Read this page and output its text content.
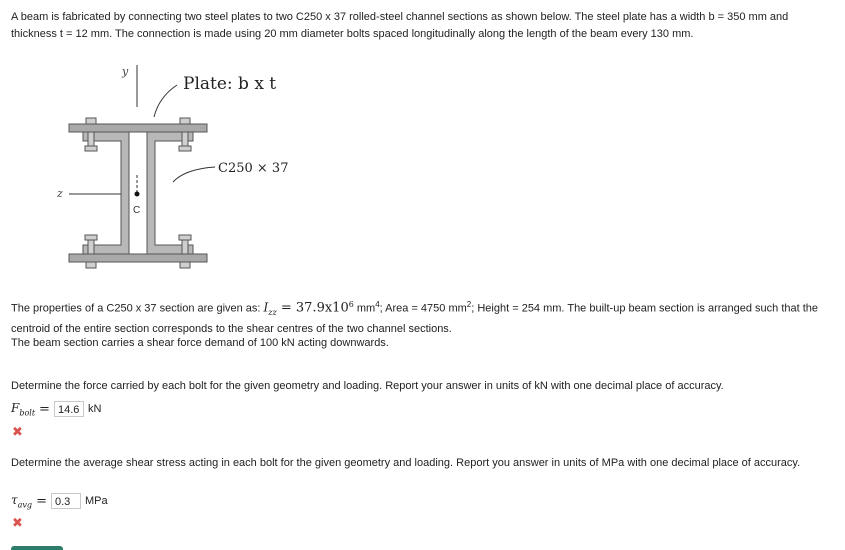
A beam is fabricated by connecting two steel plates to two C250 x 37 rolled-steel channel sections as shown below. The steel plate has a width b = 350 mm and thickness t = 12 mm. The connection is made using 20 mm diameter bolts spaced longitudinally along the length of the beam every 130 mm.
y
z
C
Plate: b x t
C250 × 37
The properties of a C250 x 37 section are given as: $I_{zz} = 37.9x10^6$ $mm^4$; Area = 4750 $mm^2$; Height = 254 mm. The built-up beam section is arranged such that the centroid of the entire section corresponds to the shear centres of the two channel sections.
The beam section carries a shear force demand of 100 kN acting downwards.
Determine the force carried by each bolt for the given geometry and loading. Report your answer in units of kN with one decimal place of accuracy.
$F_{bolt} = 14.6$ kN
✖
Determine the average shear stress acting in each bolt for the given geometry and loading. Report you answer in units of MPa with one decimal place of accuracy.
$\tau_{avg} = 0.3$	MPa
✖
